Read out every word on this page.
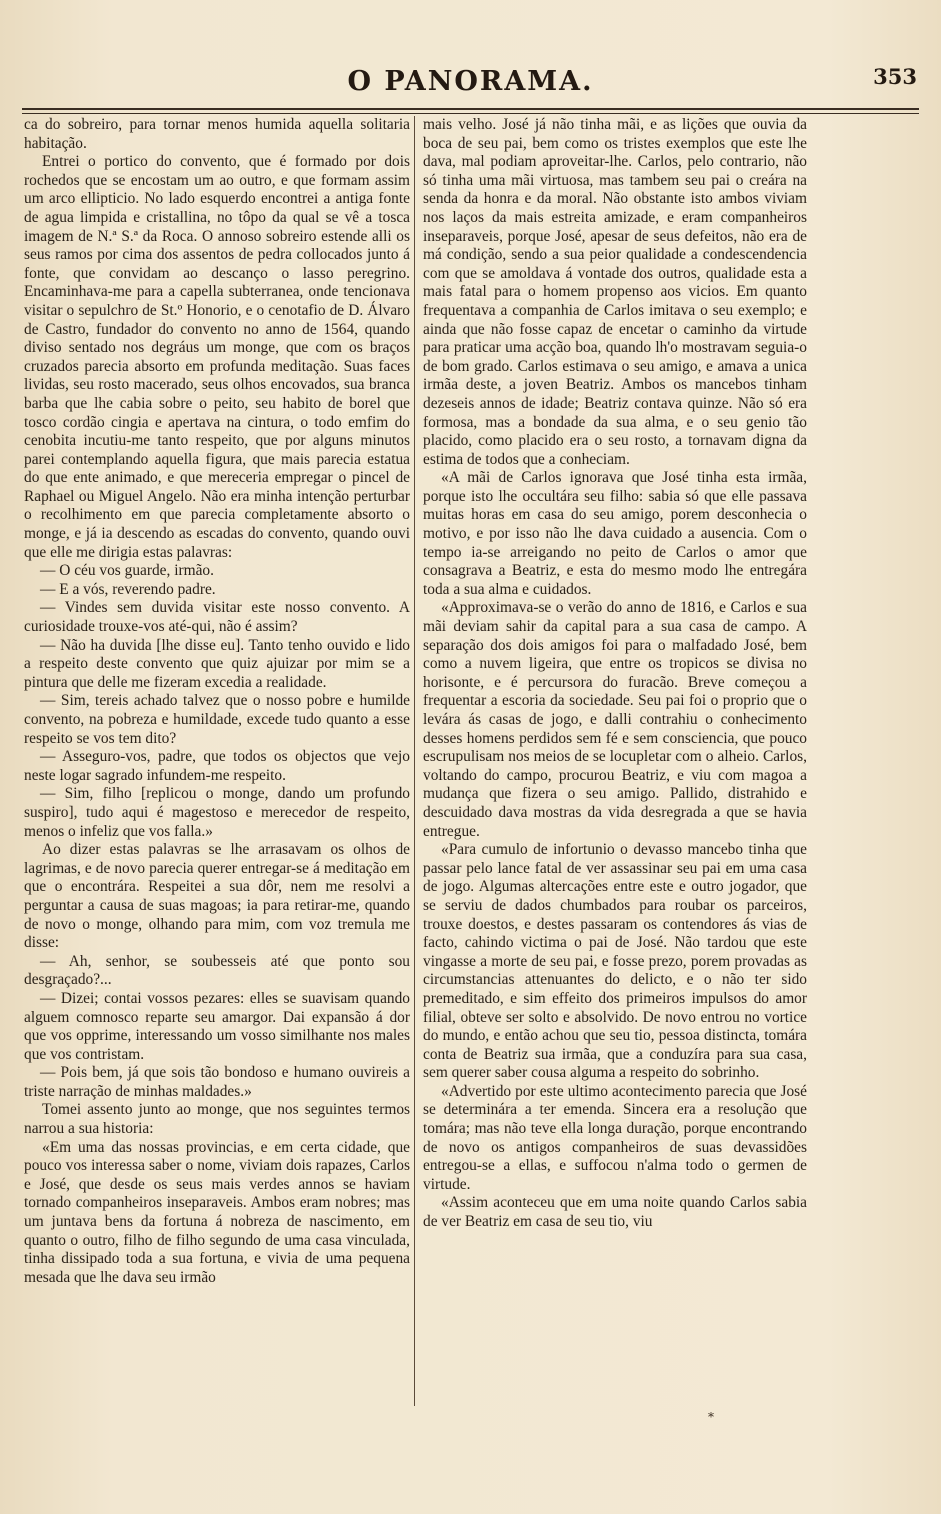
O PANORAMA.	353

ca do sobreiro, para tornar menos humida aquella solitaria habitação.

Entrei o portico do convento, que é formado por dois rochedos que se encostam um ao outro, e que formam assim um arco ellipticio. No lado esquerdo encontrei a antiga fonte de agua limpida e cristallina, no tôpo da qual se vê a tosca imagem de N.ª S.ª da Roca. O annoso sobreiro estende alli os seus ramos por cima dos assentos de pedra collocados junto á fonte, que convidam ao descanço o lasso peregrino. Encaminhava-me para a capella subterranea, onde tencionava visitar o sepulchro de St.º Honorio, e o cenotafio de D. Álvaro de Castro, fundador do convento no anno de 1564, quando diviso sentado nos degráus um monge, que com os braços cruzados parecia absorto em profunda meditação. Suas faces lividas, seu rosto macerado, seus olhos encovados, sua branca barba que lhe cabia sobre o peito, seu habito de borel que tosco cordão cingia e apertava na cintura, o todo emfim do cenobita incutiu-me tanto respeito, que por alguns minutos parei contemplando aquella figura, que mais parecia estatua do que ente animado, e que mereceria empregar o pincel de Raphael ou Miguel Angelo. Não era minha intenção perturbar o recolhimento em que parecia completamente absorto o monge, e já ia descendo as escadas do convento, quando ouvi que elle me dirigia estas palavras:

— O céu vos guarde, irmão.

— E a vós, reverendo padre.

— Vindes sem duvida visitar este nosso convento. A curiosidade trouxe-vos até-qui, não é assim?

— Não ha duvida [lhe disse eu]. Tanto tenho ouvido e lido a respeito deste convento que quiz ajuizar por mim se a pintura que delle me fizeram excedia a realidade.

— Sim, tereis achado talvez que o nosso pobre e humilde convento, na pobreza e humildade, excede tudo quanto a esse respeito se vos tem dito?

— Asseguro-vos, padre, que todos os objectos que vejo neste logar sagrado infundem-me respeito.

— Sim, filho [replicou o monge, dando um profundo suspiro], tudo aqui é magestoso e merecedor de respeito, menos o infeliz que vos falla.»

Ao dizer estas palavras se lhe arrasavam os olhos de lagrimas, e de novo parecia querer entregar-se á meditação em que o encontrára. Respeitei a sua dôr, nem me resolvi a perguntar a causa de suas magoas; ia para retirar-me, quando de novo o monge, olhando para mim, com voz tremula me disse:

— Ah, senhor, se soubesseis até que ponto sou desgraçado?...

— Dizei; contai vossos pezares: elles se suavisam quando alguem comnosco reparte seu amargor. Dai expansão á dor que vos opprime, interessando um vosso similhante nos males que vos contristam.

— Pois bem, já que sois tão bondoso e humano ouvireis a triste narração de minhas maldades.»

Tomei assento junto ao monge, que nos seguintes termos narrou a sua historia:

«Em uma das nossas provincias, e em certa cidade, que pouco vos interessa saber o nome, viviam dois rapazes, Carlos e José, que desde os seus mais verdes annos se haviam tornado companheiros inseparaveis. Ambos eram nobres; mas um juntava bens da fortuna á nobreza de nascimento, em quanto o outro, filho de filho segundo de uma casa vinculada, tinha dissipado toda a sua fortuna, e vivia de uma pequena mesada que lhe dava seu irmão

mais velho. José já não tinha mãi, e as lições que ouvia da boca de seu pai, bem como os tristes exemplos que este lhe dava, mal podiam aproveitar-lhe. Carlos, pelo contrario, não só tinha uma mãi virtuosa, mas tambem seu pai o creára na senda da honra e da moral. Não obstante isto ambos viviam nos laços da mais estreita amizade, e eram companheiros inseparaveis, porque José, apesar de seus defeitos, não era de má condição, sendo a sua peior qualidade a condescendencia com que se amoldava á vontade dos outros, qualidade esta a mais fatal para o homem propenso aos vicios. Em quanto frequentava a companhia de Carlos imitava o seu exemplo; e ainda que não fosse capaz de encetar o caminho da virtude para praticar uma acção boa, quando lh'o mostravam seguia-o de bom grado. Carlos estimava o seu amigo, e amava a unica irmãa deste, a joven Beatriz. Ambos os mancebos tinham dezeseis annos de idade; Beatriz contava quinze. Não só era formosa, mas a bondade da sua alma, e o seu genio tão placido, como placido era o seu rosto, a tornavam digna da estima de todos que a conheciam.

«A mãi de Carlos ignorava que José tinha esta irmãa, porque isto lhe occultára seu filho: sabia só que elle passava muitas horas em casa do seu amigo, porem desconhecia o motivo, e por isso não lhe dava cuidado a ausencia. Com o tempo ia-se arreigando no peito de Carlos o amor que consagrava a Beatriz, e esta do mesmo modo lhe entregára toda a sua alma e cuidados.

«Approximava-se o verão do anno de 1816, e Carlos e sua mãi deviam sahir da capital para a sua casa de campo. A separação dos dois amigos foi para o malfadado José, bem como a nuvem ligeira, que entre os tropicos se divisa no horisonte, e é percursora do furacão. Breve começou a frequentar a escoria da sociedade. Seu pai foi o proprio que o levára ás casas de jogo, e dalli contrahiu o conhecimento desses homens perdidos sem fé e sem consciencia, que pouco escrupulisam nos meios de se locupletar com o alheio. Carlos, voltando do campo, procurou Beatriz, e viu com magoa a mudança que fizera o seu amigo. Pallido, distrahido e descuidado dava mostras da vida desregrada a que se havia entregue.

«Para cumulo de infortunio o devasso mancebo tinha que passar pelo lance fatal de ver assassinar seu pai em uma casa de jogo. Algumas altercações entre este e outro jogador, que se serviu de dados chumbados para roubar os parceiros, trouxe doestos, e destes passaram os contendores ás vias de facto, cahindo victima o pai de José. Não tardou que este vingasse a morte de seu pai, e fosse prezo, porem provadas as circumstancias attenuantes do delicto, e o não ter sido premeditado, e sim effeito dos primeiros impulsos do amor filial, obteve ser solto e absolvido. De novo entrou no vortice do mundo, e então achou que seu tio, pessoa distincta, tomára conta de Beatriz sua irmãa, que a conduzíra para sua casa, sem querer saber cousa alguma a respeito do sobrinho.

«Advertido por este ultimo acontecimento parecia que José se determinára a ter emenda. Sincera era a resolução que tomára; mas não teve ella longa duração, porque encontrando de novo os antigos companheiros de suas devassidões entregou-se a ellas, e suffocou n'alma todo o germen de virtude.

«Assim aconteceu que em uma noite quando Carlos sabia de ver Beatriz em casa de seu tio, viu

*
